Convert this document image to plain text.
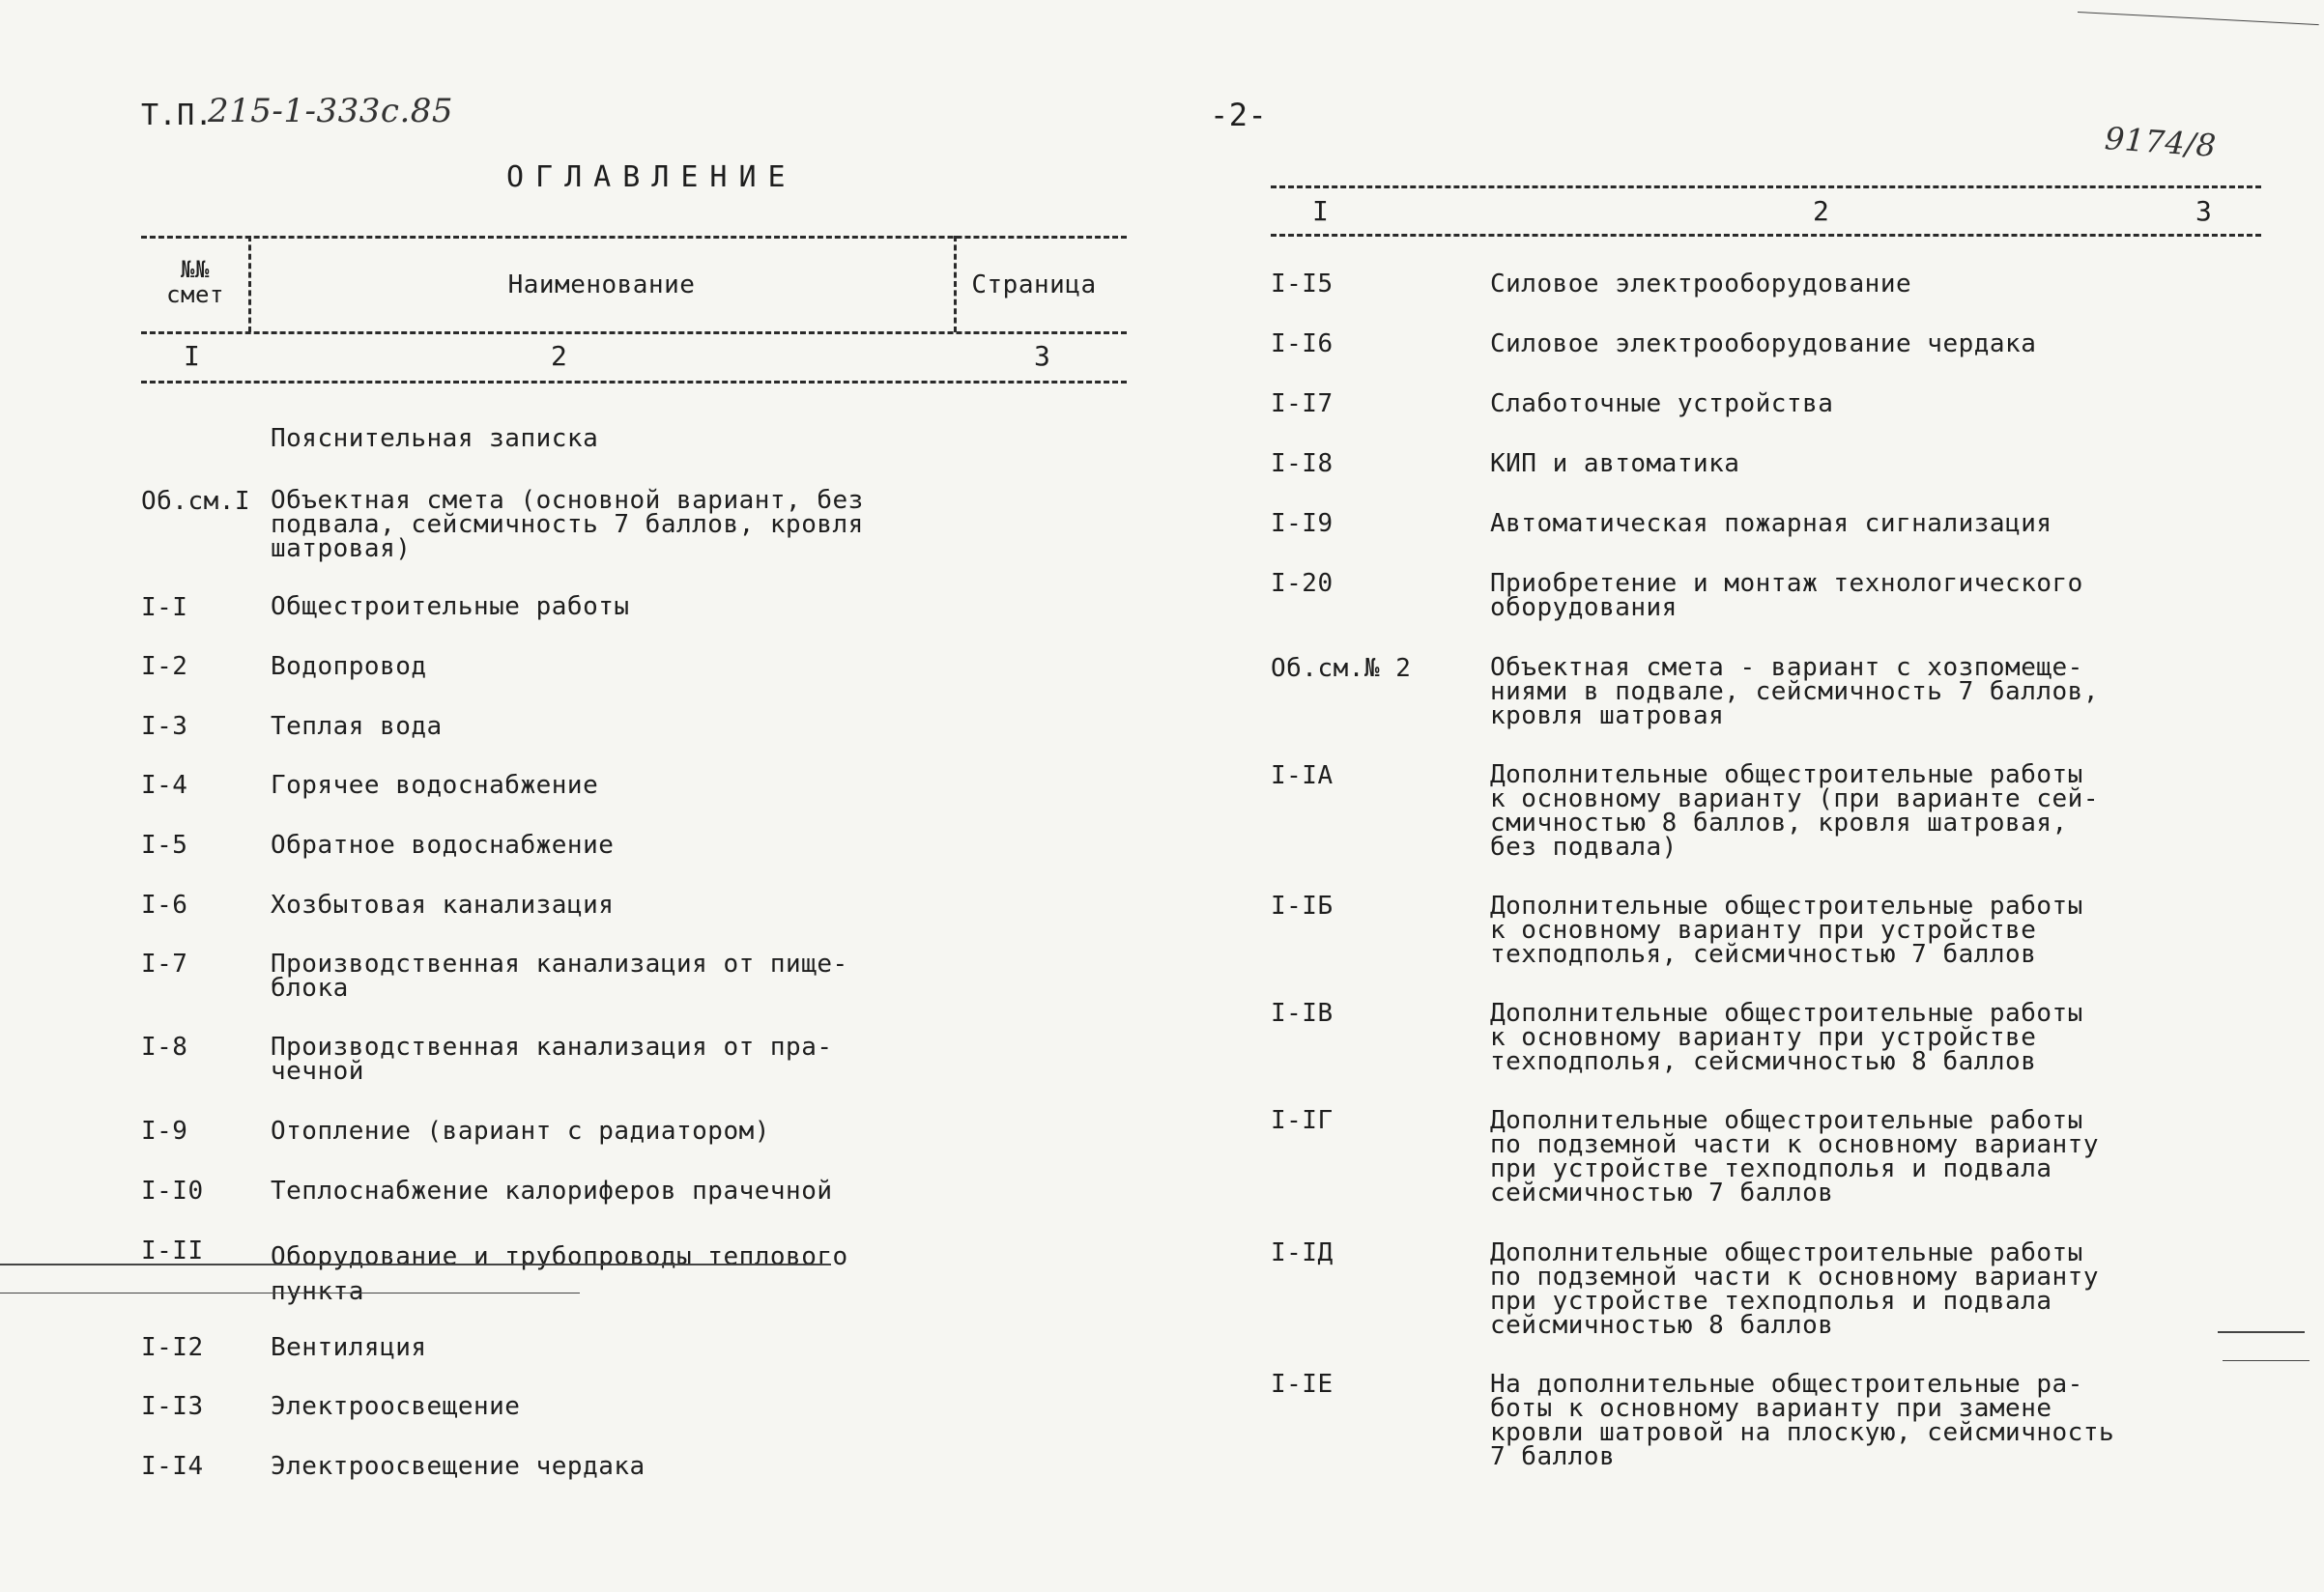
Т.П.
215-1-333с.85	-2-
9174/8
ОГЛАВЛЕНИЕ
№№
смет	Наименование	Страница
I	2	3
Пояснительная записка
Об.см.I Объектная смета (основной вариант, без
подвала, сейсмичность 7 баллов, кровля
шатровая)
I-I	Общестроительные работы
I-2	Водопровод
I-3	Теплая вода
I-4	Горячее водоснабжение
I-5	Обратное водоснабжение
I-6	Хозбытовая канализация
I-7	Производственная канализация от пище-
блока
I-8	Производственная канализация от пра-
чечной
I-9	Отопление (вариант с радиатором)
I-I0	Теплоснабжение калориферов прачечной
I-II	Оборудование и трубопроводы теплового
пункта
I-I2	Вентиляция
I-I3	Электроосвещение
I-I4	Электроосвещение чердака
I	2	3
I-I5	Силовое электрооборудование
I-I6	Силовое электрооборудование чердака
I-I7	Слаботочные устройства
I-I8	КИП и автоматика
I-I9	Автоматическая пожарная сигнализация
I-20	Приобретение и монтаж технологического
оборудования
Об.см.№ 2	Объектная смета - вариант с хозпомеще-
ниями в подвале, сейсмичность 7 баллов,
кровля шатровая
I-IА	Дополнительные общестроительные работы
к основному варианту (при варианте сей-
смичностью 8 баллов, кровля шатровая,
без подвала)
I-IБ	Дополнительные общестроительные работы
к основному варианту при устройстве
техподполья, сейсмичностью 7 баллов
I-IВ	Дополнительные общестроительные работы
к основному варианту при устройстве
техподполья, сейсмичностью 8 баллов
I-IГ	Дополнительные общестроительные работы
по подземной части к основному варианту
при устройстве техподполья и подвала
сейсмичностью 7 баллов
I-IД	Дополнительные общестроительные работы
по подземной части к основному варианту
при устройстве техподполья и подвала
сейсмичностью 8 баллов
I-IЕ	На дополнительные общестроительные ра-
боты к основному варианту при замене
кровли шатровой на плоскую, сейсмичность
7 баллов
